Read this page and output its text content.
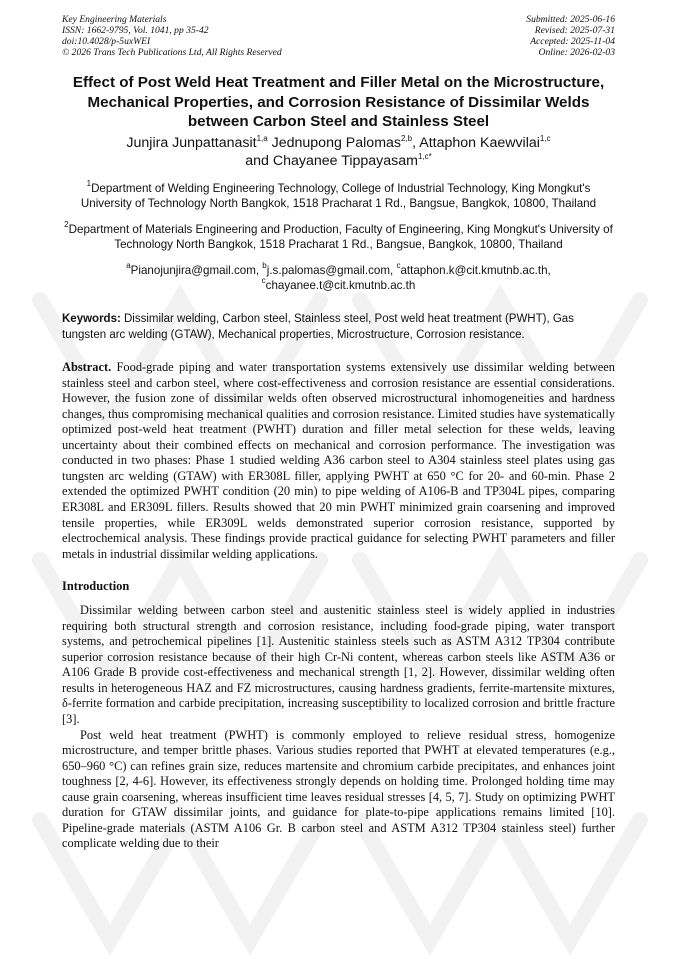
Key Engineering Materials
ISSN: 1662-9795, Vol. 1041, pp 35-42
doi:10.4028/p-5uxWEI
© 2026 Trans Tech Publications Ltd, All Rights Reserved
Submitted: 2025-06-16
Revised: 2025-07-31
Accepted: 2025-11-04
Online: 2026-02-03
Effect of Post Weld Heat Treatment and Filler Metal on the Microstructure, Mechanical Properties, and Corrosion Resistance of Dissimilar Welds between Carbon Steel and Stainless Steel
Junjira Junpattanasit$^{1,a}$ Jednupong Palomas$^{2,b}$, Attaphon Kaewvilai$^{1,c}$
and Chayanee Tippayasam$^{1,c*}$
$^1$Department of Welding Engineering Technology, College of Industrial Technology, King Mongkut's University of Technology North Bangkok, 1518 Pracharat 1 Rd., Bangsue, Bangkok, 10800, Thailand
$^2$Department of Materials Engineering and Production, Faculty of Engineering, King Mongkut's University of Technology North Bangkok, 1518 Pracharat 1 Rd., Bangsue, Bangkok, 10800, Thailand
$^a$Pianojunjira@gmail.com, $^b$j.s.palomas@gmail.com, $^c$attaphon.k@cit.kmutnb.ac.th,
$^c$chayanee.t@cit.kmutnb.ac.th
Keywords: Dissimilar welding, Carbon steel, Stainless steel, Post weld heat treatment (PWHT), Gas tungsten arc welding (GTAW), Mechanical properties, Microstructure, Corrosion resistance.
Abstract. Food-grade piping and water transportation systems extensively use dissimilar welding between stainless steel and carbon steel, where cost-effectiveness and corrosion resistance are essential considerations. However, the fusion zone of dissimilar welds often observed microstructural inhomogeneities and hardness changes, thus compromising mechanical qualities and corrosion resistance. Limited studies have systematically optimized post-weld heat treatment (PWHT) duration and filler metal selection for these welds, leaving uncertainty about their combined effects on mechanical and corrosion performance. The investigation was conducted in two phases: Phase 1 studied welding A36 carbon steel to A304 stainless steel plates using gas tungsten arc welding (GTAW) with ER308L filler, applying PWHT at 650 °C for 20- and 60-min. Phase 2 extended the optimized PWHT condition (20 min) to pipe welding of A106-B and TP304L pipes, comparing ER308L and ER309L fillers. Results showed that 20 min PWHT minimized grain coarsening and improved tensile properties, while ER309L welds demonstrated superior corrosion resistance, supported by electrochemical analysis. These findings provide practical guidance for selecting PWHT parameters and filler metals in industrial dissimilar welding applications.
Introduction

Dissimilar welding between carbon steel and austenitic stainless steel is widely applied in industries requiring both structural strength and corrosion resistance, including food-grade piping, water transport systems, and petrochemical pipelines [1]. Austenitic stainless steels such as ASTM A312 TP304 contribute superior corrosion resistance because of their high Cr-Ni content, whereas carbon steels like ASTM A36 or A106 Grade B provide cost-effectiveness and mechanical strength [1, 2]. However, dissimilar welding often results in heterogeneous HAZ and FZ microstructures, causing hardness gradients, ferrite-martensite mixtures, δ-ferrite formation and carbide precipitation, increasing susceptibility to localized corrosion and brittle fracture [3].

Post weld heat treatment (PWHT) is commonly employed to relieve residual stress, homogenize microstructure, and temper brittle phases. Various studies reported that PWHT at elevated temperatures (e.g., 650–960 °C) can refines grain size, reduces martensite and chromium carbide precipitates, and enhances joint toughness [2, 4-6]. However, its effectiveness strongly depends on holding time. Prolonged holding time may cause grain coarsening, whereas insufficient time leaves residual stresses [4, 5, 7]. Study on optimizing PWHT duration for GTAW dissimilar joints, and guidance for plate-to-pipe applications remains limited [10]. Pipeline-grade materials (ASTM A106 Gr. B carbon steel and ASTM A312 TP304 stainless steel) further complicate welding due to their
